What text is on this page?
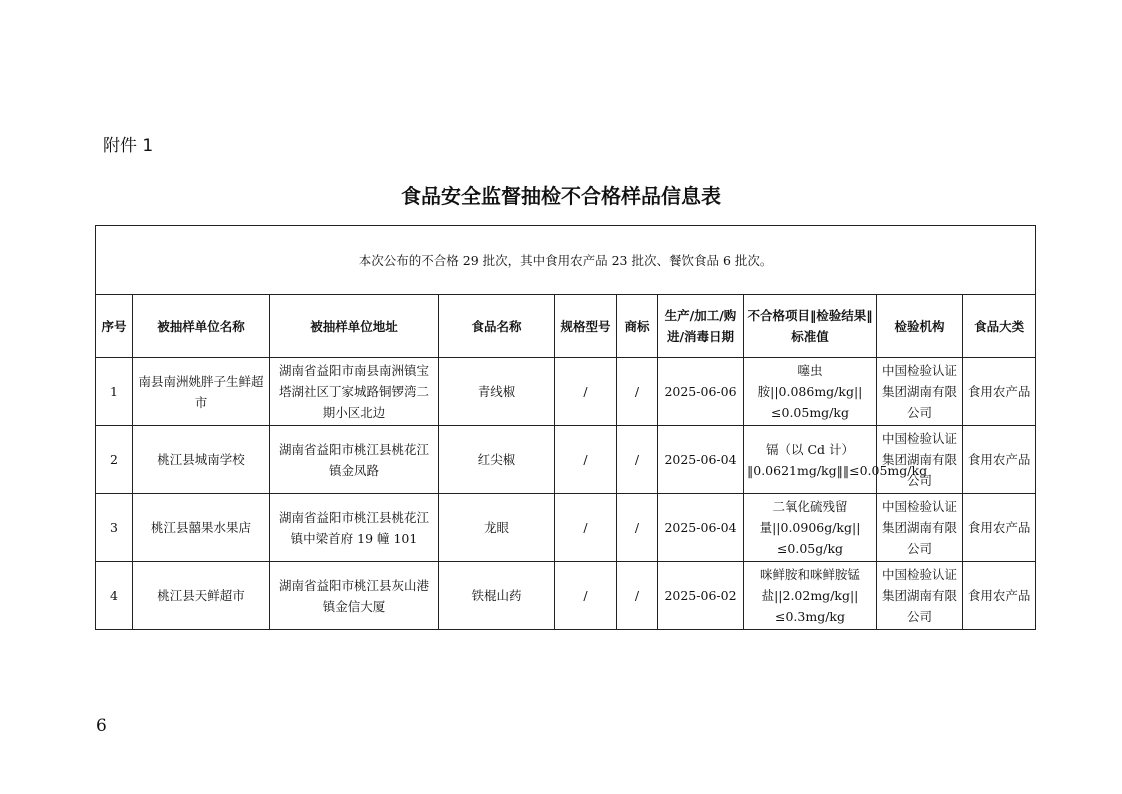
附件 1
食品安全监督抽检不合格样品信息表
本次公布的不合格 29 批次，其中食用农产品 23 批次、餐饮食品 6 批次。									
序号	被抽样单位名称	被抽样单位地址	食品名称	规格型号	商标	生产/加工/购进/消毒日期	不合格项目‖检验结果‖标准值	检验机构	食品大类
1	南县南洲姚胖子生鲜超市	湖南省益阳市南县南洲镇宝塔湖社区丁家城路铜锣湾二期小区北边	青线椒	/	/	2025-06-06	噻虫胺||0.086mg/kg||≤0.05mg/kg	中国检验认证集团湖南有限公司	食用农产品
2	桃江县城南学校	湖南省益阳市桃江县桃花江镇金凤路	红尖椒	/	/	2025-06-04	镉（以 Cd 计）‖0.0621mg/kg‖‖≤0.05mg/kg	中国检验认证集团湖南有限公司	食用农产品
3	桃江县囍果水果店	湖南省益阳市桃江县桃花江镇中梁首府 19 幢 101	龙眼	/	/	2025-06-04	二氧化硫残留量||0.0906g/kg||≤0.05g/kg	中国检验认证集团湖南有限公司	食用农产品
4	桃江县天鲜超市	湖南省益阳市桃江县灰山港镇金信大厦	铁棍山药	/	/	2025-06-02	咪鲜胺和咪鲜胺锰盐||2.02mg/kg||≤0.3mg/kg	中国检验认证集团湖南有限公司	食用农产品
6
